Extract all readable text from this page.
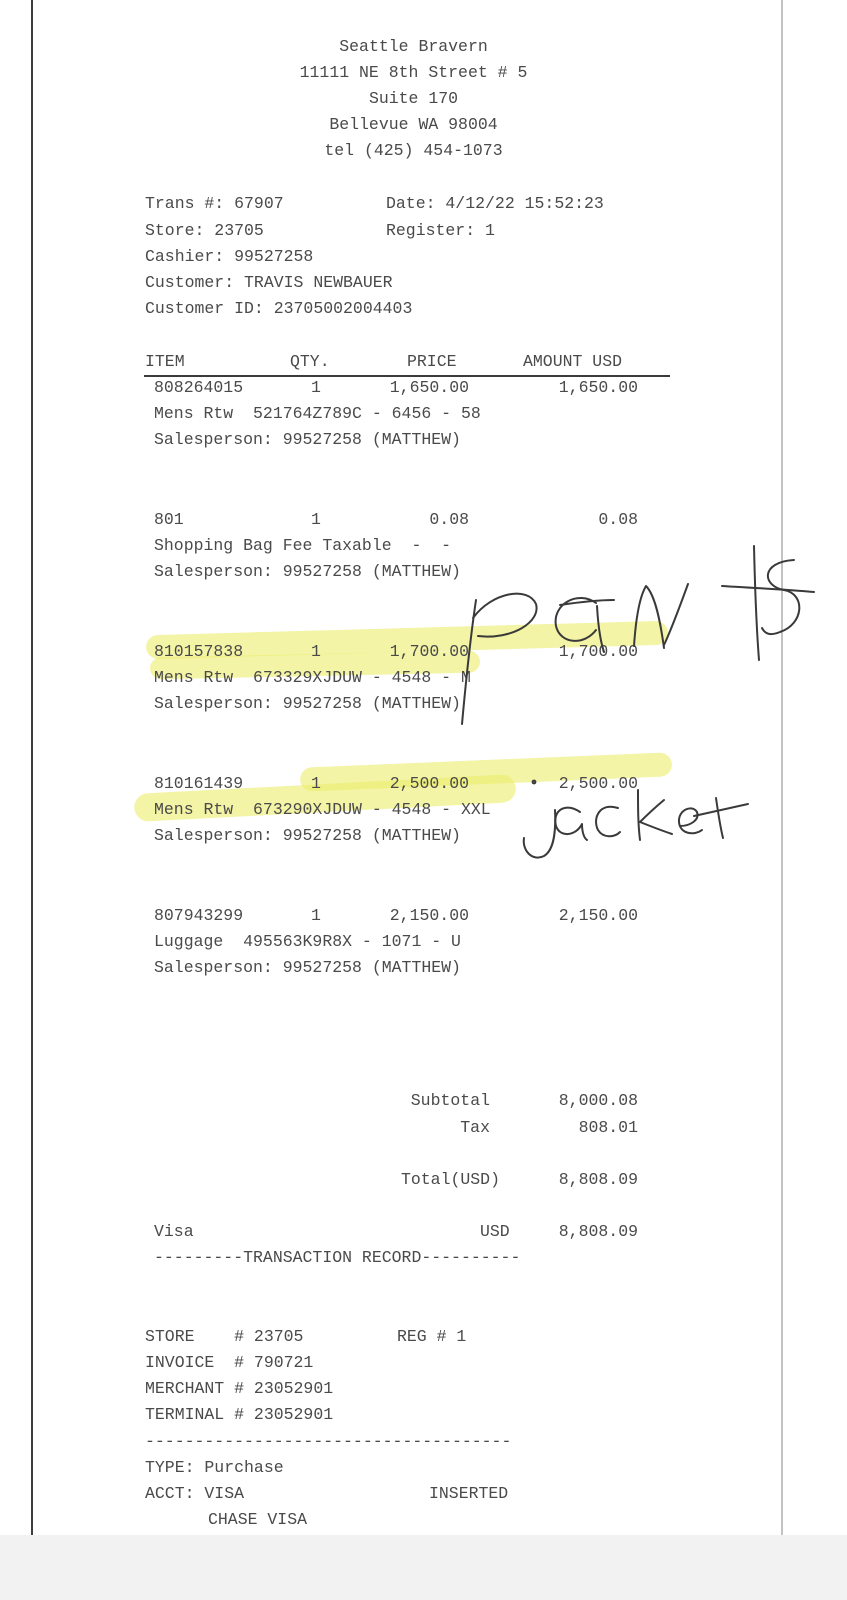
Seattle Bravern

11111 NE 8th Street # 5

Suite 170

Bellevue WA 98004

tel (425) 454-1073

Trans #: 67907	Date: 4/12/22 15:52:23

Store: 23705	Register: 1

Cashier: 99527258

Customer: TRAVIS NEWBAUER

Customer ID: 23705002004403

ITEM	QTY.	PRICE	AMOUNT USD

808264015	1	1,650.00	1,650.00

Mens Rtw  521764Z789C - 6456 - 58

Salesperson: 99527258 (MATTHEW)

801	1	0.08	0.08

Shopping Bag Fee Taxable  -  -

Salesperson: 99527258 (MATTHEW)

810157838	1	1,700.00	1,700.00

Mens Rtw  673329XJDUW - 4548 - M

Salesperson: 99527258 (MATTHEW)

810161439	1	2,500.00	2,500.00

Mens Rtw  673290XJDUW - 4548 - XXL

Salesperson: 99527258 (MATTHEW)

807943299	1	2,150.00	2,150.00

Luggage  495563K9R8X - 1071 - U

Salesperson: 99527258 (MATTHEW)

Subtotal	8,000.08

Tax	808.01

Total(USD)	8,808.09

Visa	USD	8,808.09

---------TRANSACTION RECORD----------

STORE    # 23705	REG # 1

INVOICE  # 790721

MERCHANT # 23052901

TERMINAL # 23052901

-------------------------------------

TYPE: Purchase

ACCT: VISA	INSERTED

CHASE VISA
